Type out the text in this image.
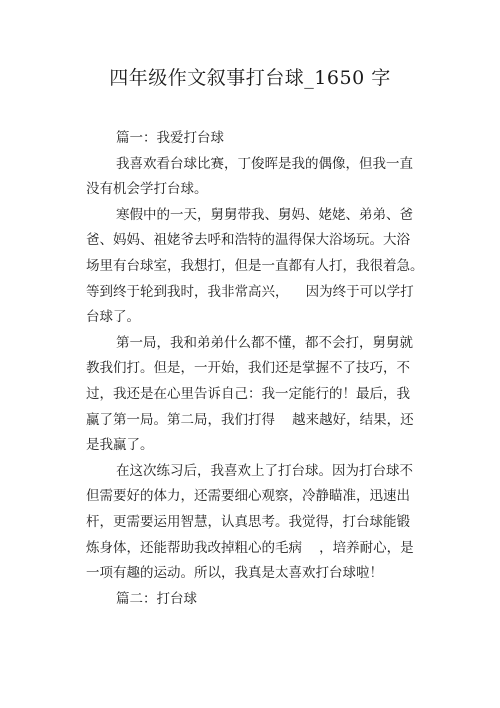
四年级作文叙事打台球_1650 字
篇一：我爱打台球
我喜欢看台球比赛，丁俊晖是我的偶像，但我一直
没有机会学打台球。
寒假中的一天，舅舅带我、舅妈、姥姥、弟弟、爸
爸、妈妈、祖姥爷去呼和浩特的温得保大浴场玩。大浴
场里有台球室，我想打，但是一直都有人打，我很着急。
等到终于轮到我时，我非常高兴，    因为终于可以学打
台球了。
第一局，我和弟弟什么都不懂，都不会打，舅舅就
教我们打。但是，一开始，我们还是掌握不了技巧，不
过，我还是在心里告诉自己：我一定能行的！最后，我
赢了第一局。第二局，我们打得    越来越好，结果，还
是我赢了。
在这次练习后，我喜欢上了打台球。因为打台球不
但需要好的体力，还需要细心观察，冷静瞄准，迅速出
杆，更需要运用智慧，认真思考。我觉得，打台球能锻
炼身体，还能帮助我改掉粗心的毛病    ，培养耐心，是
一项有趣的运动。所以，我真是太喜欢打台球啦！
篇二：打台球
